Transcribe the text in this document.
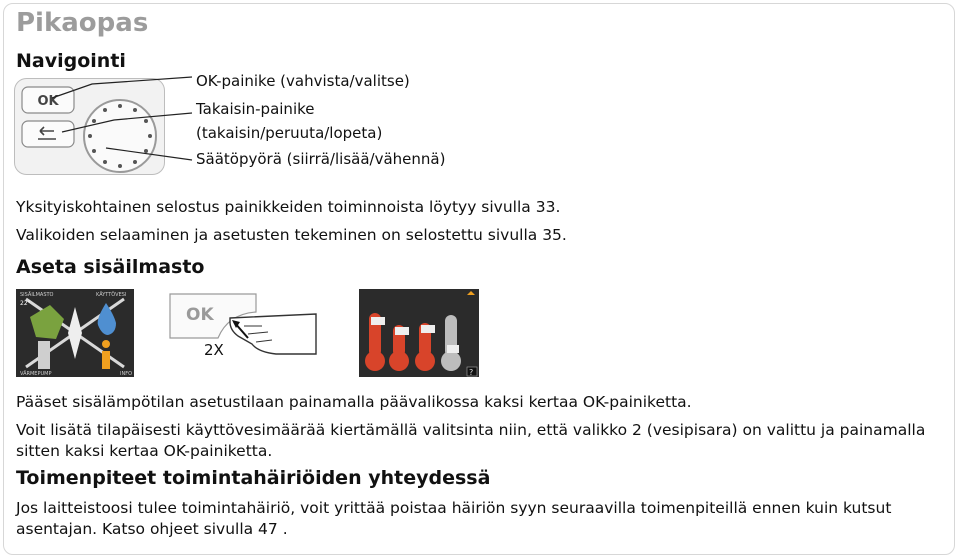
Pikaopas
Navigointi
OK
OK-painike (vahvista/valitse)
Takaisin-painike
(takaisin/peruuta/lopeta)
Säätöpyörä (siirrä/lisää/vähennä)
Yksityiskohtainen selostus painikkeiden toiminnoista löytyy sivulla 33.
Valikoiden selaaminen ja asetusten tekeminen on selostettu sivulla 35.
Aseta sisäilmasto
SISÄILMASTO	KÄYTTÖVESI
VÄRMEPUMP	INFO
22°
OK
2X
?
Pääset sisälämpötilan asetustilaan painamalla päävalikossa kaksi kertaa OK-painiketta.
Voit lisätä tilapäisesti käyttövesimäärää kiertämällä valitsinta niin, että valikko 2 (vesipisara) on valittu ja painamalla
sitten kaksi kertaa OK-painiketta.
Toimenpiteet toimintahäiriöiden yhteydessä
Jos laitteistoosi tulee toimintahäiriö, voit yrittää poistaa häiriön syyn seuraavilla toimenpiteillä ennen kuin kutsut
asentajan. Katso ohjeet sivulla 47 .
